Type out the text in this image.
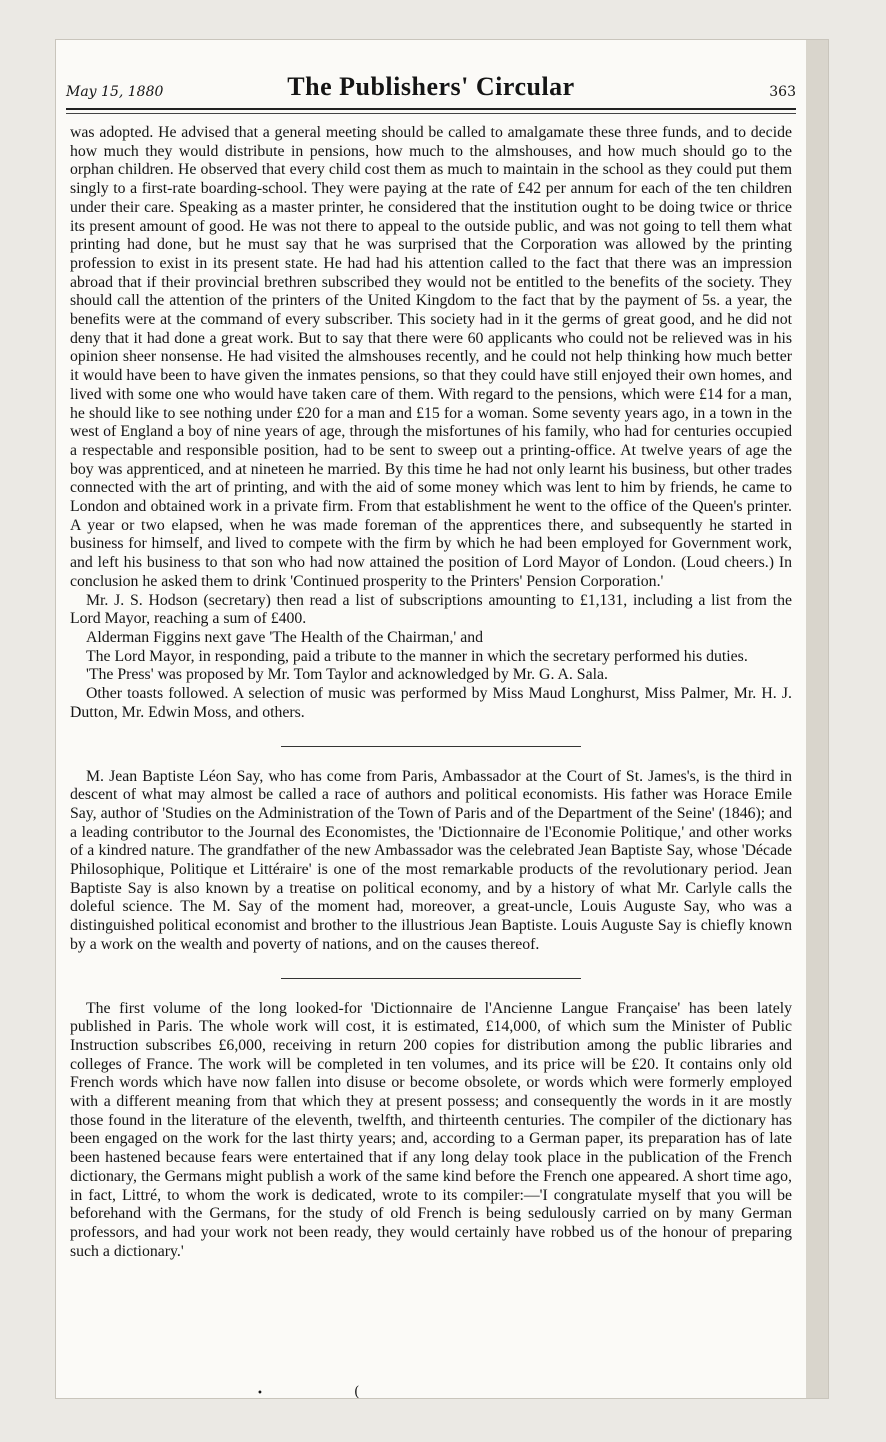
May 15, 1880	The Publishers' Circular	363

was adopted. He advised that a general meeting should be called to amalgamate these three funds, and to decide how much they would distribute in pensions, how much to the almshouses, and how much should go to the orphan children. He observed that every child cost them as much to maintain in the school as they could put them singly to a first-rate boarding-school. They were paying at the rate of £42 per annum for each of the ten children under their care. Speaking as a master printer, he considered that the institution ought to be doing twice or thrice its present amount of good. He was not there to appeal to the outside public, and was not going to tell them what printing had done, but he must say that he was surprised that the Corporation was allowed by the printing profession to exist in its present state. He had had his attention called to the fact that there was an impression abroad that if their provincial brethren subscribed they would not be entitled to the benefits of the society. They should call the attention of the printers of the United Kingdom to the fact that by the payment of 5s. a year, the benefits were at the command of every subscriber. This society had in it the germs of great good, and he did not deny that it had done a great work. But to say that there were 60 applicants who could not be relieved was in his opinion sheer nonsense. He had visited the almshouses recently, and he could not help thinking how much better it would have been to have given the inmates pensions, so that they could have still enjoyed their own homes, and lived with some one who would have taken care of them. With regard to the pensions, which were £14 for a man, he should like to see nothing under £20 for a man and £15 for a woman. Some seventy years ago, in a town in the west of England a boy of nine years of age, through the misfortunes of his family, who had for centuries occupied a respectable and responsible position, had to be sent to sweep out a printing-office. At twelve years of age the boy was apprenticed, and at nineteen he married. By this time he had not only learnt his business, but other trades connected with the art of printing, and with the aid of some money which was lent to him by friends, he came to London and obtained work in a private firm. From that establishment he went to the office of the Queen's printer. A year or two elapsed, when he was made foreman of the apprentices there, and subsequently he started in business for himself, and lived to compete with the firm by which he had been employed for Government work, and left his business to that son who had now attained the position of Lord Mayor of London. (Loud cheers.) In conclusion he asked them to drink 'Continued prosperity to the Printers' Pension Corporation.'

Mr. J. S. Hodson (secretary) then read a list of subscriptions amounting to £1,131, including a list from the Lord Mayor, reaching a sum of £400.

Alderman Figgins next gave 'The Health of the Chairman,' and

The Lord Mayor, in responding, paid a tribute to the manner in which the secretary performed his duties.

'The Press' was proposed by Mr. Tom Taylor and acknowledged by Mr. G. A. Sala.

Other toasts followed. A selection of music was performed by Miss Maud Longhurst, Miss Palmer, Mr. H. J. Dutton, Mr. Edwin Moss, and others.

M. Jean Baptiste Léon Say, who has come from Paris, Ambassador at the Court of St. James's, is the third in descent of what may almost be called a race of authors and political economists. His father was Horace Emile Say, author of 'Studies on the Administration of the Town of Paris and of the Department of the Seine' (1846); and a leading contributor to the Journal des Economistes, the 'Dictionnaire de l'Economie Politique,' and other works of a kindred nature. The grandfather of the new Ambassador was the celebrated Jean Baptiste Say, whose 'Décade Philosophique, Politique et Littéraire' is one of the most remarkable products of the revolutionary period. Jean Baptiste Say is also known by a treatise on political economy, and by a history of what Mr. Carlyle calls the doleful science. The M. Say of the moment had, moreover, a great-uncle, Louis Auguste Say, who was a distinguished political economist and brother to the illustrious Jean Baptiste. Louis Auguste Say is chiefly known by a work on the wealth and poverty of nations, and on the causes thereof.

The first volume of the long looked-for 'Dictionnaire de l'Ancienne Langue Française' has been lately published in Paris. The whole work will cost, it is estimated, £14,000, of which sum the Minister of Public Instruction subscribes £6,000, receiving in return 200 copies for distribution among the public libraries and colleges of France. The work will be completed in ten volumes, and its price will be £20. It contains only old French words which have now fallen into disuse or become obsolete, or words which were formerly employed with a different meaning from that which they at present possess; and consequently the words in it are mostly those found in the literature of the eleventh, twelfth, and thirteenth centuries. The compiler of the dictionary has been engaged on the work for the last thirty years; and, according to a German paper, its preparation has of late been hastened because fears were entertained that if any long delay took place in the publication of the French dictionary, the Germans might publish a work of the same kind before the French one appeared. A short time ago, in fact, Littré, to whom the work is dedicated, wrote to its compiler:—'I congratulate myself that you will be beforehand with the Germans, for the study of old French is being sedulously carried on by many German professors, and had your work not been ready, they would certainly have robbed us of the honour of preparing such a dictionary.'

•	(
